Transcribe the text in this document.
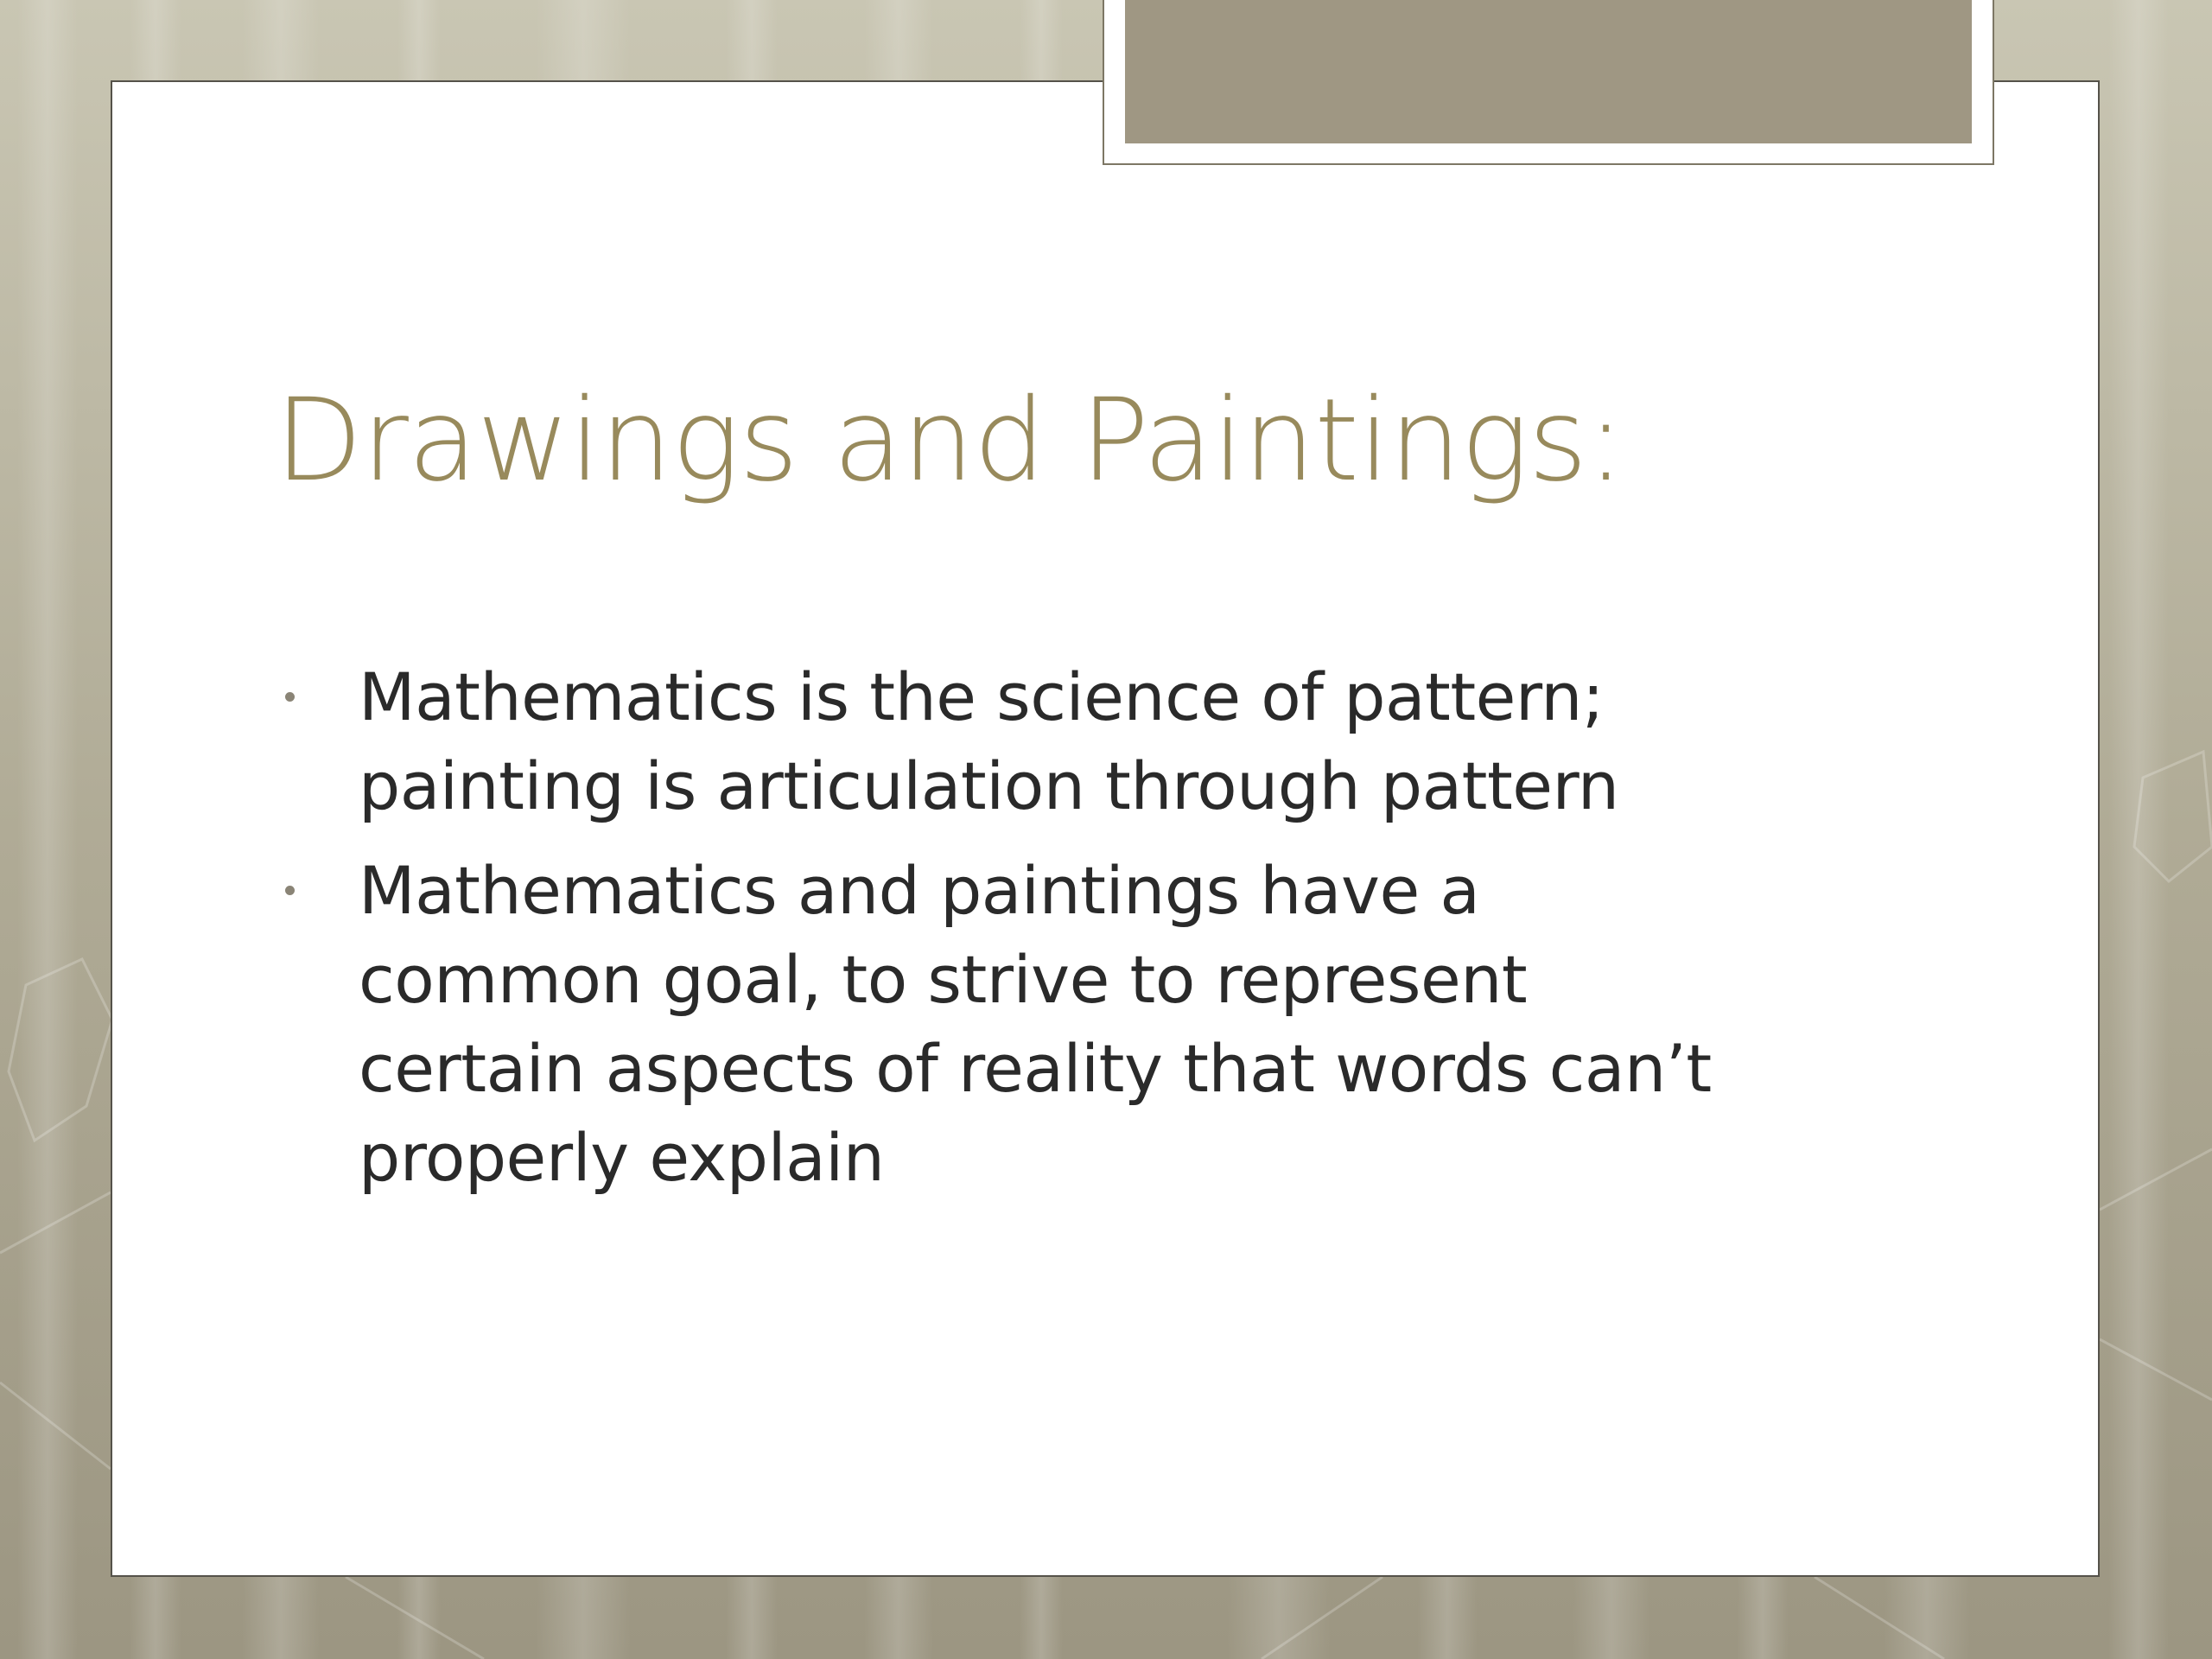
Drawings and Paintings:
Mathematics is the science of pattern;
painting is articulation through pattern
Mathematics and paintings have a
common goal, to strive to represent
certain aspects of reality that words can’t
properly explain
